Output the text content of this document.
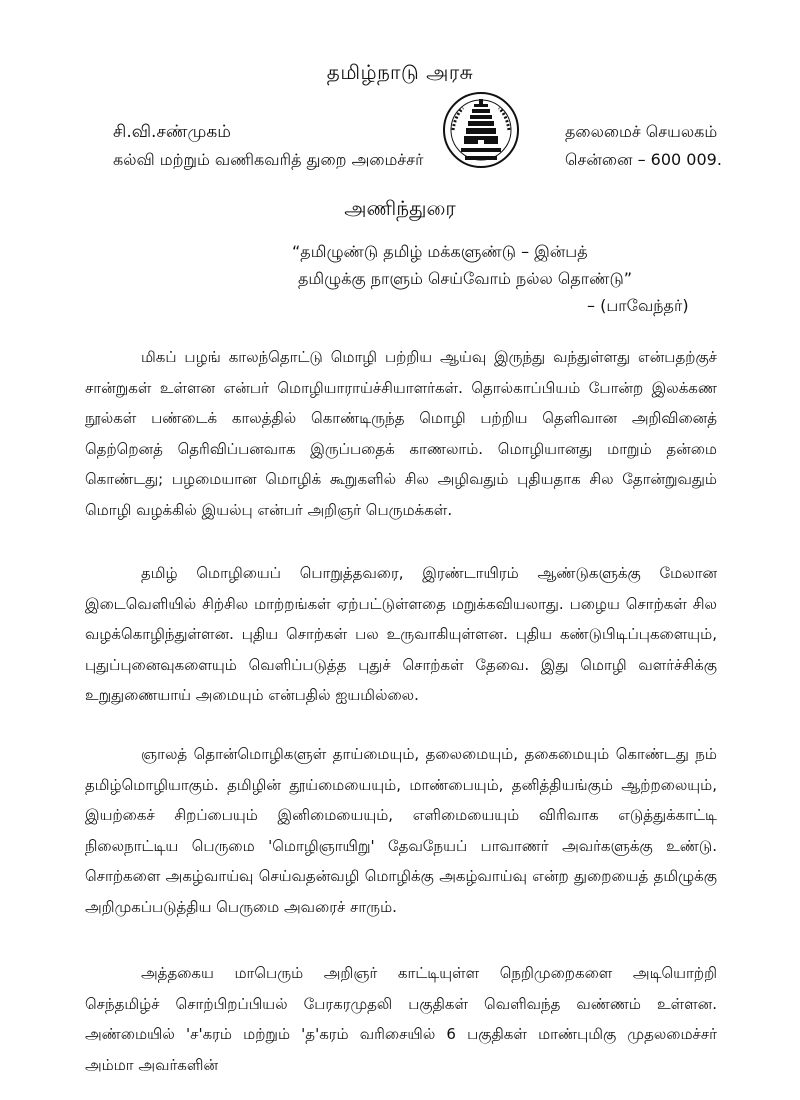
தமிழ்நாடு அரசு
சி.வி.சண்முகம்
கல்வி மற்றும் வணிகவரித் துறை அமைச்சர்
தலைமைச் செயலகம்
சென்னை – 600 009.
அணிந்துரை
“தமிழுண்டு தமிழ் மக்களுண்டு – இன்பத்
தமிழுக்கு நாளும் செய்வோம் நல்ல தொண்டு”
– (பாவேந்தர்)

மிகப் பழங் காலந்தொட்டு மொழி பற்றிய ஆய்வு இருந்து வந்துள்ளது என்பதற்குச் சான்றுகள் உள்ளன என்பர் மொழியாராய்ச்சியாளர்கள். தொல்காப்பியம் போன்ற இலக்கண நூல்கள் பண்டைக் காலத்தில் கொண்டிருந்த மொழி பற்றிய தெளிவான அறிவினைத் தெற்றெனத் தெரிவிப்பனவாக இருப்பதைக் காணலாம். மொழியானது மாறும் தன்மை கொண்டது; பழமையான மொழிக் கூறுகளில் சில அழிவதும் புதியதாக சில தோன்றுவதும் மொழி வழக்கில் இயல்பு என்பர் அறிஞர் பெருமக்கள்.

தமிழ் மொழியைப் பொறுத்தவரை, இரண்டாயிரம் ஆண்டுகளுக்கு மேலான இடைவெளியில் சிற்சில மாற்றங்கள் ஏற்பட்டுள்ளதை மறுக்கவியலாது. பழைய சொற்கள் சில வழக்கொழிந்துள்ளன. புதிய சொற்கள் பல உருவாகியுள்ளன. புதிய கண்டுபிடிப்புகளையும், புதுப்புனைவுகளையும் வெளிப்படுத்த புதுச் சொற்கள் தேவை. இது மொழி வளர்ச்சிக்கு உறுதுணையாய் அமையும் என்பதில் ஐயமில்லை.

ஞாலத் தொன்மொழிகளுள் தாய்மையும், தலைமையும், தகைமையும் கொண்டது நம் தமிழ்மொழியாகும். தமிழின் தூய்மையையும், மாண்பையும், தனித்தியங்கும் ஆற்றலையும், இயற்கைச் சிறப்பையும் இனிமையையும், எளிமையையும் விரிவாக எடுத்துக்காட்டி நிலைநாட்டிய பெருமை 'மொழிஞாயிறு' தேவநேயப் பாவாணர் அவர்களுக்கு உண்டு. சொற்களை அகழ்வாய்வு செய்வதன்வழி மொழிக்கு அகழ்வாய்வு என்ற துறையைத் தமிழுக்கு அறிமுகப்படுத்திய பெருமை அவரைச் சாரும்.

அத்தகைய மாபெரும் அறிஞர் காட்டியுள்ள நெறிமுறைகளை அடியொற்றி செந்தமிழ்ச் சொற்பிறப்பியல் பேரகரமுதலி பகுதிகள் வெளிவந்த வண்ணம் உள்ளன. அண்மையில் 'ச'கரம் மற்றும் 'த'கரம் வரிசையில் 6 பகுதிகள் மாண்புமிகு முதலமைச்சர் அம்மா அவர்களின்
